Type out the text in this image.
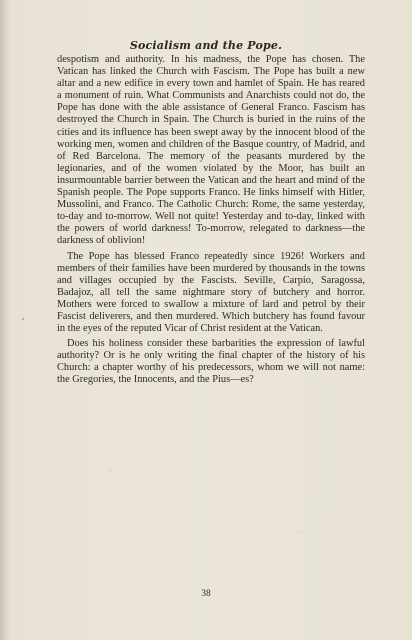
Socialism and the Pope.

despotism and authority. In his madness, the Pope has chosen. The Vatican has linked the Church with Fascism. The Pope has built a new altar and a new edifice in every town and hamlet of Spain. He has reared a monument of ruin. What Communists and Anarchists could not do, the Pope has done with the able assistance of General Franco. Fascism has destroyed the Church in Spain. The Church is buried in the ruins of the cities and its influence has been swept away by the innocent blood of the working men, women and children of the Basque country, of Madrid, and of Red Barcelona. The memory of the peasants murdered by the legionaries, and of the women violated by the Moor, has built an insurmountable barrier between the Vatican and the heart and mind of the Spanish people. The Pope supports Franco. He links himself with Hitler, Mussolini, and Franco. The Catholic Church: Rome, the same yesterday, to-day and to-morrow. Well not quite! Yesterday and to-day, linked with the powers of world darkness! To-morrow, relegated to darkness—the darkness of oblivion!

The Pope has blessed Franco repeatedly since 1926! Workers and members of their families have been murdered by thousands in the towns and villages occupied by the Fascists. Seville, Carpio, Saragossa, Badajoz, all tell the same nightmare story of butchery and horror. Mothers were forced to swallow a mixture of lard and petrol by their Fascist deliverers, and then murdered. Which butchery has found favour in the eyes of the reputed Vicar of Christ resident at the Vatican.

Does his holiness consider these barbarities the expression of lawful authority? Or is he only writing the final chapter of the history of his Church: a chapter worthy of his predecessors, whom we will not name: the Gregories, the Innocents, and the Pius—es?

38
